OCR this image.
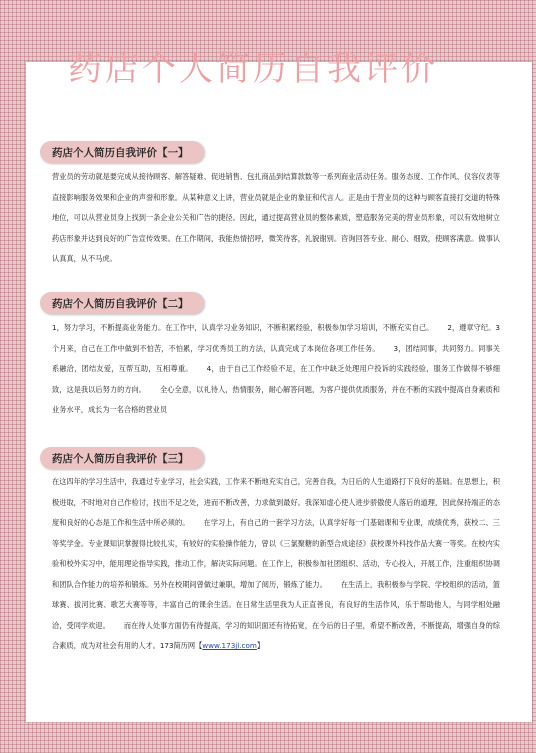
药店个人简历自我评价
药店个人简历自我评价【一】
营业员的劳动就是要完成从接待顾客、解答疑难、促进销售、包扎商品到结算款数等一系列商业活动任务。服务态度、工作作风、仪容仪表等直接影响服务效果和企业的声誉和形象。从某种意义上讲，营业员就是企业的象征和代言人。正是由于营业员的这种与顾客直接打交道的特殊地位，可以从营业员身上找到一条企业公关和广告的捷径。因此，通过提高营业员的整体素质，塑造服务完美的营业员形象，可以有效地树立药店形象并达到良好的广告宣传效果。在工作期间，我能热情招呼，微笑待客，礼貌谢别。咨询回答专业、耐心、细致，使顾客满意。做事认认真真，从不马虎。
药店个人简历自我评价【二】
1，努力学习，不断提高业务能力。在工作中，认真学习业务知识，不断积累经验，积极参加学习培训，不断充实自己。 2，遵章守纪。3个月来，自己在工作中做到不怕苦，不怕累，学习优秀员工的方法，认真完成了本岗位各项工作任务。 3，团结同事，共同努力。同事关系融洽，团结友爱，互帮互助，互相尊重。 4，由于自己工作经验不足，在工作中缺乏处理用户投诉的实践经验，服务工作做得不够细致，这是我以后努力的方向。 全心全意，以礼待人，热情服务，耐心解答问题，为客户提供优质服务，并在不断的实践中提高自身素质和业务水平，成长为一名合格的营业员
药店个人简历自我评价【三】
在这四年的学习生活中，我通过专业学习，社会实践，工作来不断地充实自己，完善自我，为日后的人生道路打下良好的基础。在思想上，积极进取，不时地对自己作检讨，找出不足之处，进而不断改善，力求做到最好。我深知虚心使人进步骄傲使人落后的道理，因此保持端正的态度和良好的心态是工作和生活中所必须的。 在学习上，有自己的一套学习方法，认真学好每一门基础课和专业课，成绩优秀，获校二、三等奖学金。专业课知识掌握得比较扎实，有较好的实验操作能力，曾以《三氯聚糖的新型合成途径》获校课外科技作品大赛一等奖。在校内实验和校外实习中，能用理论指导实践，推动工作，解决实际问题。在工作上，积极参加社团组织、活动，专心投入，开展工作，注重组织协调和团队合作能力的培养和锻炼。另外在校期间曾做过兼职，增加了阅历，锻炼了能力。 在生活上，我积极参与学院、学校组织的活动，篮球赛、拔河比赛、歌艺大赛等等，丰富自己的课余生活。在日常生活里我为人正直善良，有良好的生活作风，乐于帮助他人，与同学相处融洽，受同学欢迎。 而在待人处事方面仍有待提高，学习的知识面还有待拓宽，在今后的日子里，希望不断改善，不断提高，增强自身的综合素质，成为对社会有用的人才。173简历网【www.173jl.com】
